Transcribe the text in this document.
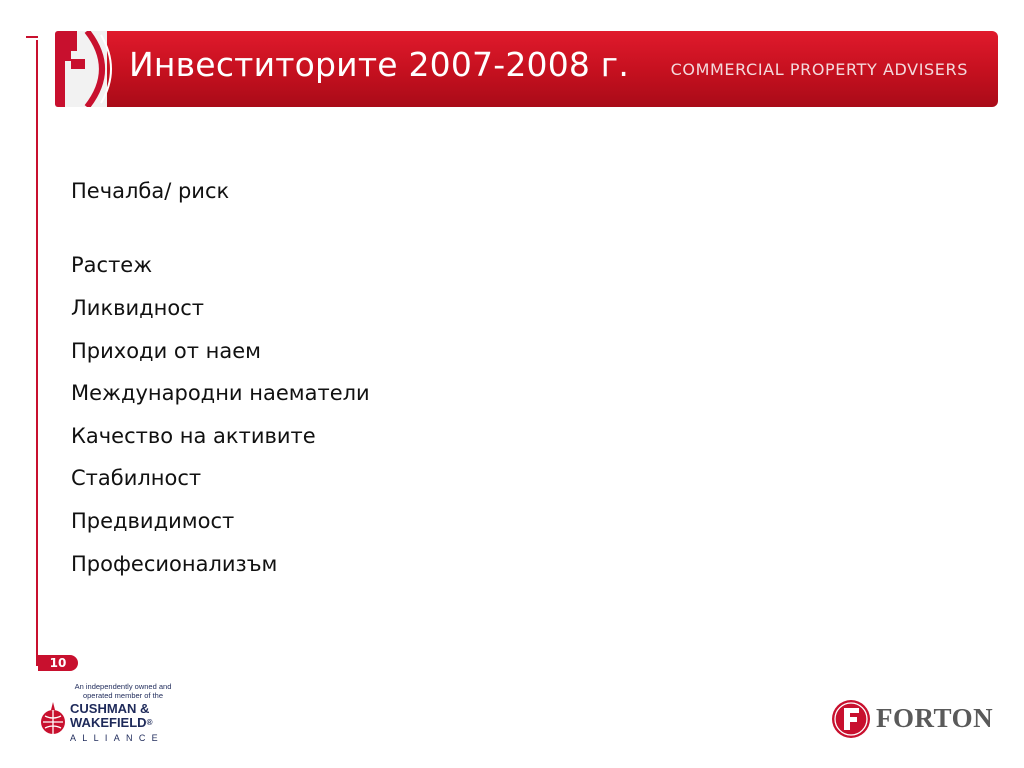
Инвеститорите 2007-2008 г.	COMMERCIAL PROPERTY ADVISERS
Печалба/ риск
Растеж
Ликвидност
Приходи от наем
Международни наематели
Качество на активите
Стабилност
Предвидимост
Професионализъм
10
An independently owned and operated member of the
CUSHMAN &
WAKEFIELD®
ALLIANCE
FORTON
